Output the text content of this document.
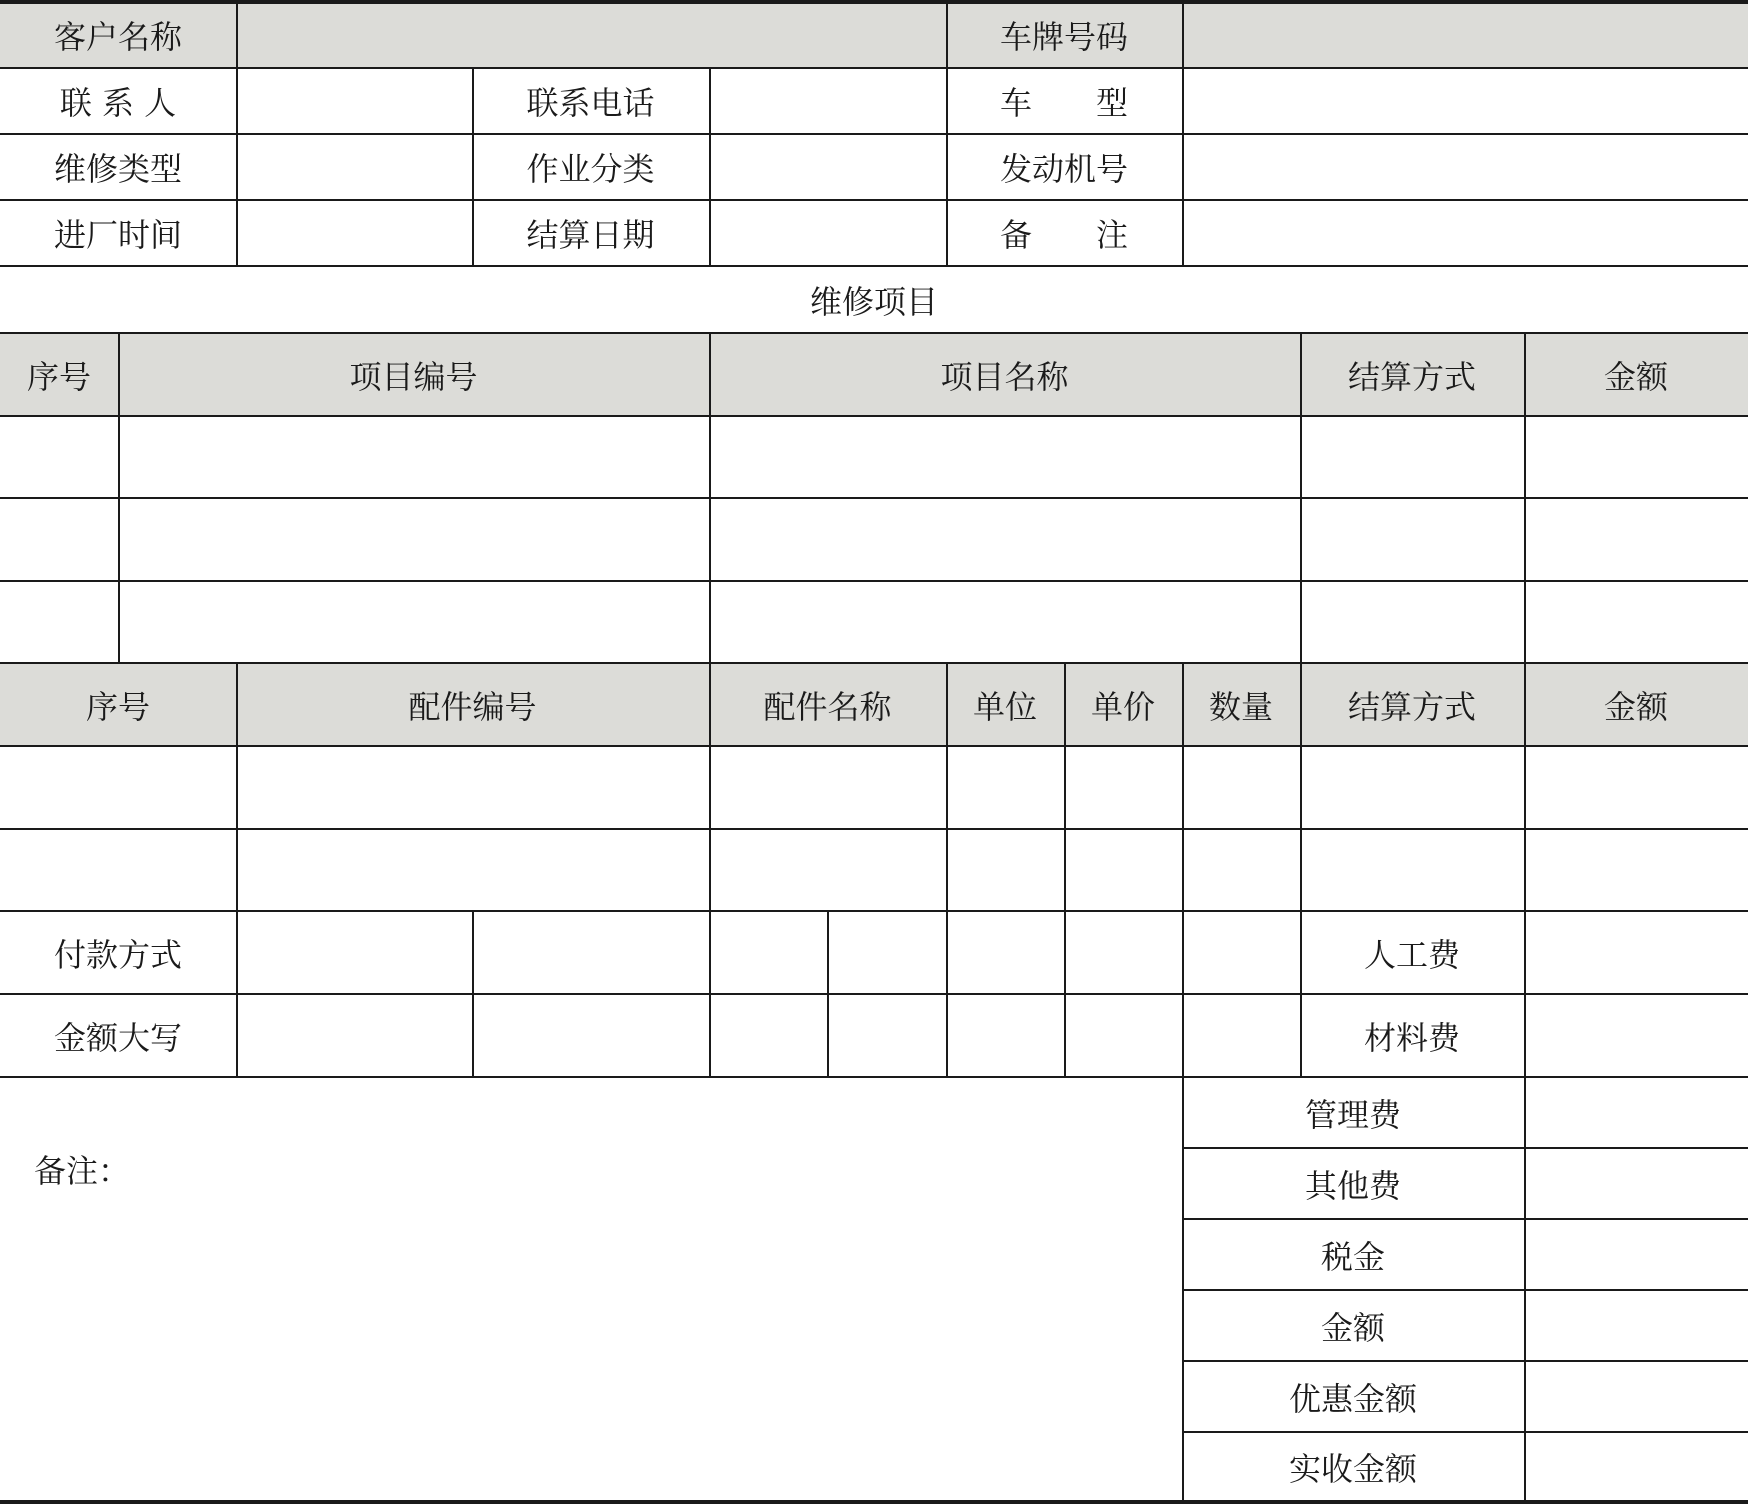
客户名称	车牌号码
联 系 人	联系电话	车　　型
维修类型	作业分类	发动机号
进厂时间	结算日期	备　　注
维修项目
序号	项目编号	项目名称	结算方式	金额
序号	配件编号	配件名称	单位	单价	数量	结算方式	金额
付款方式	人工费
金额大写	材料费
备注：
管理费
其他费
税金
金额
优惠金额
实收金额
